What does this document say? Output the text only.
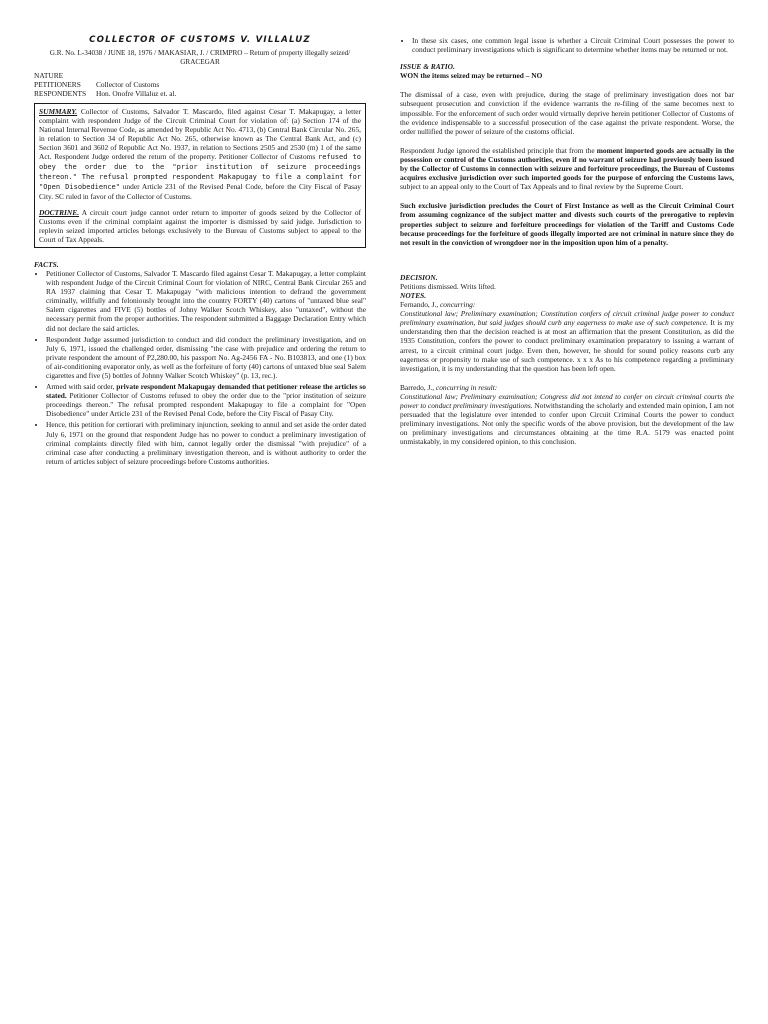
COLLECTOR OF CUSTOMS V. VILLALUZ

G.R. No. L-34038 / JUNE 18, 1976 / MAKASIAR, J. / CRIMPRO – Return of property illegally seized/ GRACEGAR

NATURE
PETITIONERS	Collector of Customs
RESPONDENTS	Hon. Onofre Villaluz et. al.

SUMMARY. Collector of Customs, Salvador T. Mascardo, filed against Cesar T. Makapugay, a letter complaint with respondent Judge of the Circuit Criminal Court for violation of: (a) Section 174 of the National Internal Revenue Code, as amended by Republic Act No. 4713, (b) Central Bank Circular No. 265, in relation to Section 34 of Republic Act No. 265, otherwise known as The Central Bank Act, and (c) Section 3601 and 3602 of Republic Act No. 1937, in relation to Sections 2505 and 2530 (m) 1 of the same Act. Respondent Judge ordered the return of the property. Petitioner Collector of Customs refused to obey the order due to the "prior institution of seizure proceedings thereon." The refusal prompted respondent Makapugay to file a complaint for "Open Disobedience" under Article 231 of the Revised Penal Code, before the City Fiscal of Pasay City. SC ruled in favor of the Collector of Customs.

DOCTRINE. A circuit court judge cannot order return to importer of goods seized by the Collector of Customs even if the criminal complaint against the importer is dismissed by said judge. Jurisdiction to replevin seized imported articles belongs exclusively to the Bureau of Customs subject to appeal to the Court of Tax Appeals.

FACTS.

• Petitioner Collector of Customs, Salvador T. Mascardo filed against Cesar T. Makapugay, a letter complaint with respondent Judge of the Circuit Criminal Court for violation of NIRC, Central Bank Circular 265 and RA 1937 claiming that Cesar T. Makapugay "with malicious intention to defraud the government criminally, willfully and feloniously brought into the country FORTY (40) cartons of "untaxed blue seal" Salem cigarettes and FIVE (5) bottles of Johny Walker Scotch Whiskey, also "untaxed", without the necessary permit from the proper authorities. The respondent submitted a Baggage Declaration Entry which did not declare the said articles.
• Respondent Judge assumed jurisdiction to conduct and did conduct the preliminary investigation, and on July 6, 1971, issued the challenged order, dismissing "the case with prejudice and ordering the return to private respondent the amount of P2,280.00, his passport No. Ag-2456 FA - No. B103813, and one (1) box of air-conditioning evaporator only, as well as the forfeiture of forty (40) cartons of untaxed blue seal Salem cigarettes and five (5) bottles of Johnny Walker Scotch Whiskey" (p. 13, rec.).
• Armed with said order, private respondent Makapugay demanded that petitioner release the articles so stated. Petitioner Collector of Customs refused to obey the order due to the "prior institution of seizure proceedings thereon." The refusal prompted respondent Makapugay to file a complaint for "Open Disobedience" under Article 231 of the Revised Penal Code, before the City Fiscal of Pasay City.
• Hence, this petition for certiorari with preliminary injunction, seeking to annul and set aside the order dated July 6, 1971 on the ground that respondent Judge has no power to conduct a preliminary investigation of criminal complaints directly filed with him, cannot legally order the dismissal "with prejudice" of a criminal case after conducting a preliminary investigation thereon, and is without authority to order the return of articles subject of seizure proceedings before Customs authorities.
• In these six cases, one common legal issue is whether a Circuit Criminal Court possesses the power to conduct preliminary investigations which is significant to determine whether items may be returned or not.

ISSUE & RATIO.

WON the items seized may be returned – NO

The dismissal of a case, even with prejudice, during the stage of preliminary investigation does not bar subsequent prosecution and conviction if the evidence warrants the re-filing of the same becomes next to impossible. For the enforcement of such order would virtually deprive herein petitioner Collector of Customs of the evidence indispensable to a successful prosecution of the case against the private respondent. Worse, the order nullified the power of seizure of the customs official.

Respondent Judge ignored the established principle that from the moment imported goods are actually in the possession or control of the Customs authorities, even if no warrant of seizure had previously been issued by the Collector of Customs in connection with seizure and forfeiture proceedings, the Bureau of Customs acquires exclusive jurisdiction over such imported goods for the purpose of enforcing the Customs laws, subject to an appeal only to the Court of Tax Appeals and to final review by the Supreme Court.

Such exclusive jurisdiction precludes the Court of First Instance as well as the Circuit Criminal Court from assuming cognizance of the subject matter and divests such courts of the prerogative to replevin properties subject to seizure and forfeiture proceedings for violation of the Tariff and Customs Code because proceedings for the forfeiture of goods illegally imported are not criminal in nature since they do not result in the conviction of wrongdoer nor in the imposition upon him of a penalty.

DECISION.

Petitions dismissed. Writs lifted.

NOTES.

Fernando, J., concurring:

Constitutional law; Preliminary examination; Constitution confers of circuit criminal judge power to conduct preliminary examination, but said judges should curb any eagerness to make use of such competence. It is my understanding then that the decision reached is at most an affirmation that the present Constitution, as did the 1935 Constitution, confers the power to conduct preliminary examination preparatory to issuing a warrant of arrest, to a circuit criminal court judge. Even then, however, he should for sound policy reasons curb any eagerness or propensity to make use of such competence. x x x As to his competence regarding a preliminary investigation, it is my understanding that the question has been left open.

Barredo, J., concurring in result:

Constitutional law; Preliminary examination; Congress did not intend to confer on circuit criminal courts the power to conduct preliminary investigations. Notwithstanding the scholarly and extended main opinion, I am not persuaded that the legislature ever intended to confer upon Circuit Criminal Courts the power to conduct preliminary investigations. Not only the specific words of the above provision, but the development of the law on preliminary investigations and circumstances obtaining at the time R.A. 5179 was enacted point unmistakably, in my considered opinion, to this conclusion.
